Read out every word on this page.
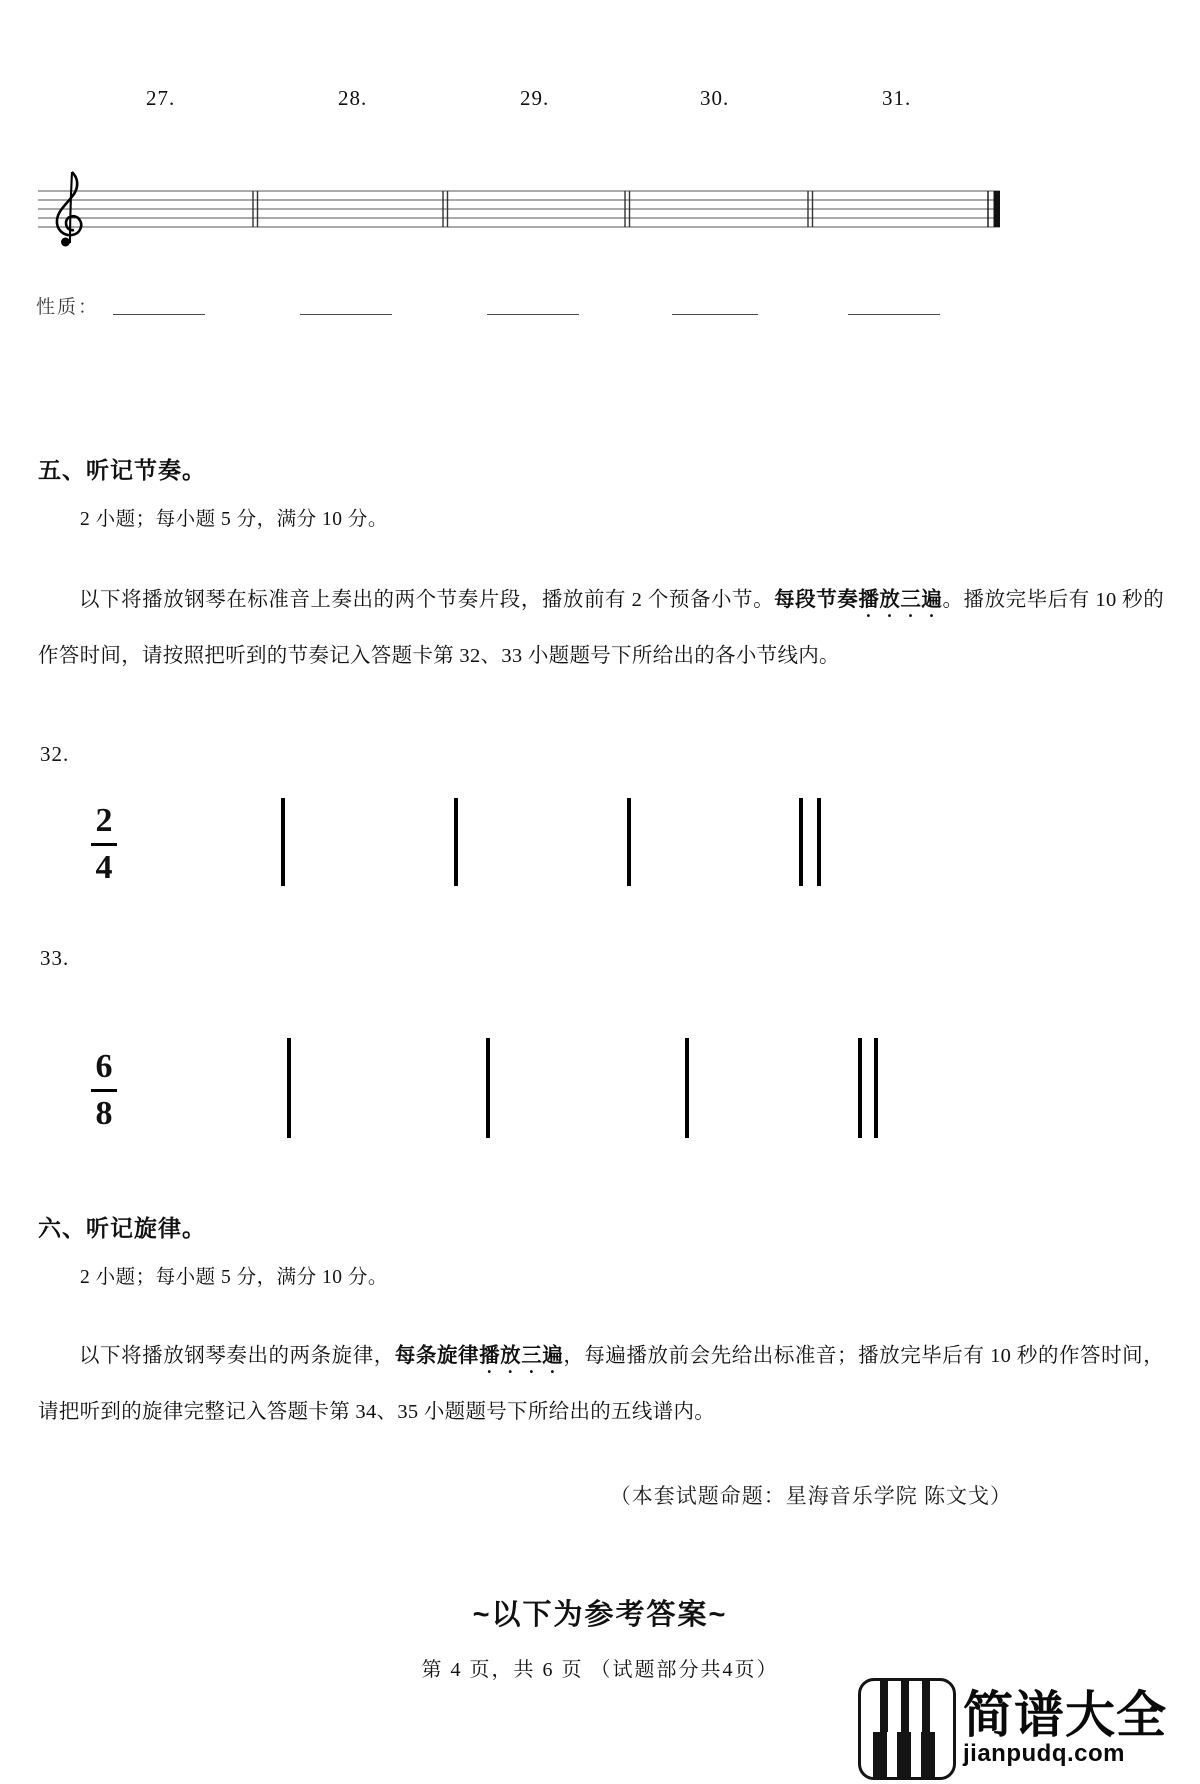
27.	28.	29.	30.	31.
性质：
五、听记节奏。
2 小题；每小题 5 分，满分 10 分。
以下将播放钢琴在标准音上奏出的两个节奏片段，播放前有 2 个预备小节。每段节奏播放三遍。播放完毕后有 10 秒的作答时间，请按照把听到的节奏记入答题卡第 32、33 小题题号下所给出的各小节线内。
32.
2
4
33.
6
8
六、听记旋律。
2 小题；每小题 5 分，满分 10 分。
以下将播放钢琴奏出的两条旋律，每条旋律播放三遍，每遍播放前会先给出标准音；播放完毕后有 10 秒的作答时间，请把听到的旋律完整记入答题卡第 34、35 小题题号下所给出的五线谱内。
（本套试题命题：星海音乐学院 陈文戈）
~以下为参考答案~
第 4 页，共 6 页 （试题部分共4页）
简谱大全
jianpudq.com
